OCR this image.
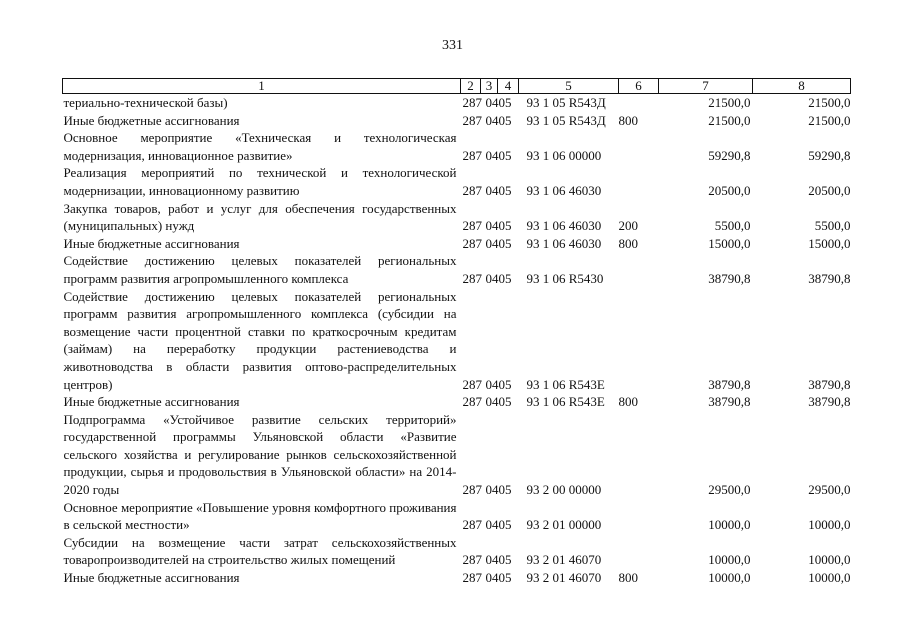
331
1	2	3	4	5	6	7	8
териально-технической базы)	287	04	05	93 1 05 R543Д		21500,0	21500,0
Иные бюджетные ассигнования	287	04	05	93 1 05 R543Д	800	21500,0	21500,0
Основное мероприятие «Техническая и технологическая модернизация, инновационное развитие»	287	04	05	93 1 06 00000		59290,8	59290,8
Реализация мероприятий по технической и технологической модернизации, инновационному развитию	287	04	05	93 1 06 46030		20500,0	20500,0
Закупка товаров, работ и услуг для обеспечения государственных (муниципальных) нужд	287	04	05	93 1 06 46030	200	5500,0	5500,0
Иные бюджетные ассигнования	287	04	05	93 1 06 46030	800	15000,0	15000,0
Содействие достижению целевых показателей региональных программ развития агропромышленного комплекса	287	04	05	93 1 06 R5430		38790,8	38790,8
Содействие достижению целевых показателей региональных программ развития агропромышленного комплекса (субсидии на возмещение части процентной ставки по краткосрочным кредитам (займам) на переработку продукции растениеводства и животноводства в области развития оптово-распределительных центров)	287	04	05	93 1 06 R543Е		38790,8	38790,8
Иные бюджетные ассигнования	287	04	05	93 1 06 R543Е	800	38790,8	38790,8
Подпрограмма «Устойчивое развитие сельских территорий» государственной программы Ульяновской области «Развитие сельского хозяйства и регулирование рынков сельскохозяйственной продукции, сырья и продовольствия в Ульяновской области» на 2014-2020 годы	287	04	05	93 2 00 00000		29500,0	29500,0
Основное мероприятие «Повышение уровня комфортного проживания в сельской местности»	287	04	05	93 2 01 00000		10000,0	10000,0
Субсидии на возмещение части затрат сельскохозяйственных товаропроизводителей на строительство жилых помещений	287	04	05	93 2 01 46070		10000,0	10000,0
Иные бюджетные ассигнования	287	04	05	93 2 01 46070	800	10000,0	10000,0
